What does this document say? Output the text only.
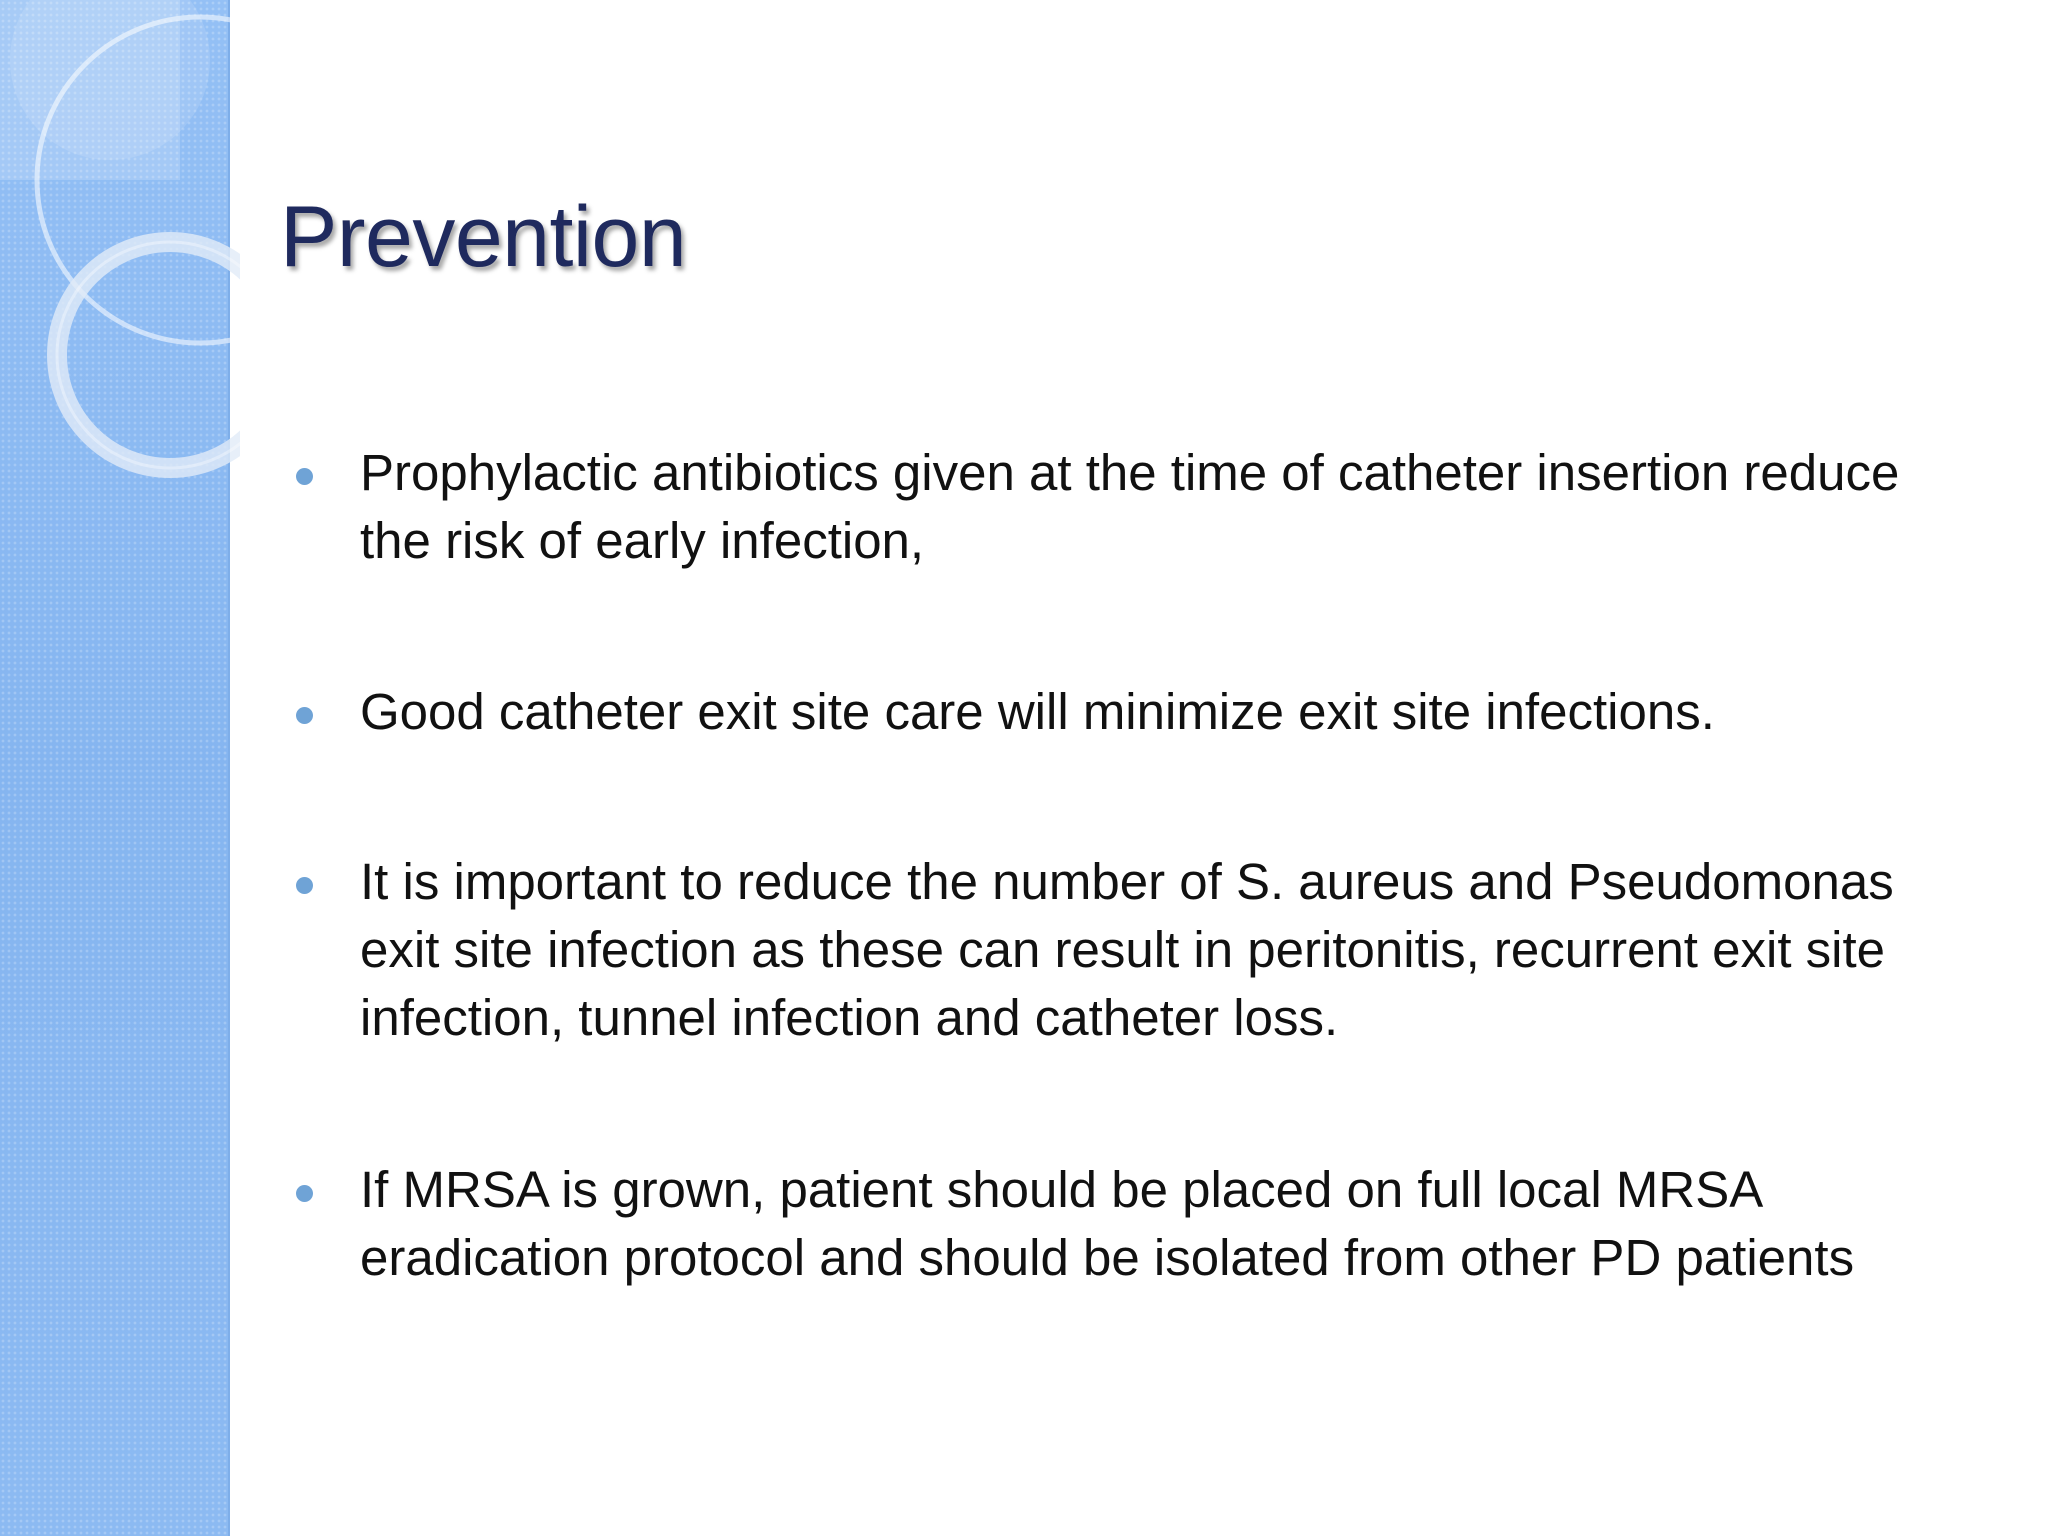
Prevention
Prophylactic antibiotics given at the time of catheter insertion reduce
the risk of early infection,
Good catheter exit site care will minimize exit site infections.
It is important to reduce the number of S. aureus and Pseudomonas
exit site infection as these can result in peritonitis, recurrent exit site
infection, tunnel infection and catheter loss.
If MRSA is grown, patient should be placed on full local MRSA
eradication protocol and should be isolated from other PD patients
